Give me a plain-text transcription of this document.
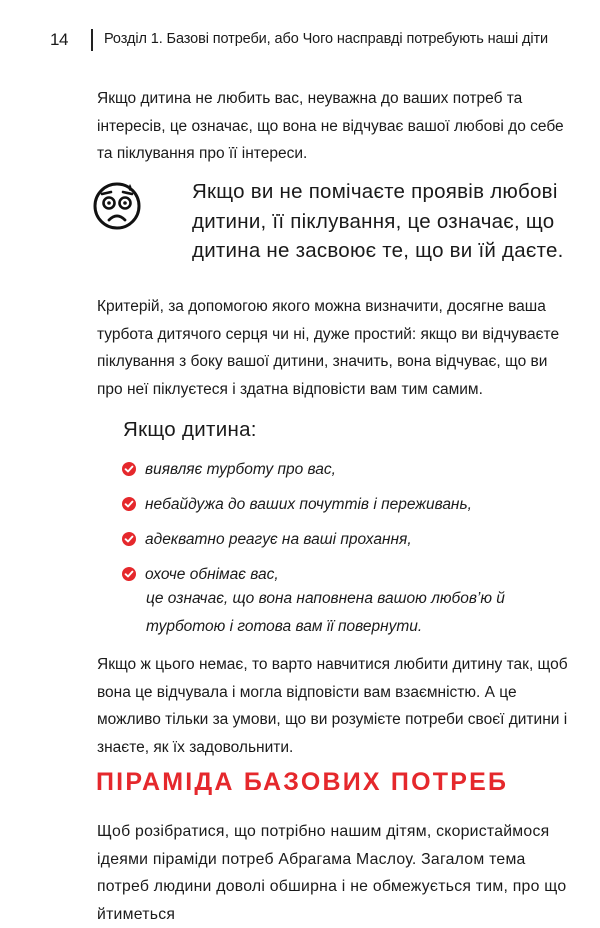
14 Розділ 1. Базові потреби, або Чого насправді потребують наші діти

Якщо дитина не любить вас, неуважна до ваших потреб та інтересів, це означає, що вона не відчуває вашої любові до себе та піклування про її інтереси.

Якщо ви не помічаєте проявів любові дитини, її піклування, це означає, що дитина не засвоює те, що ви їй даєте.

Критерій, за допомогою якого можна визначити, досягне ваша турбота дитячого серця чи ні, дуже простий: якщо ви відчуваєте піклування з боку вашої дитини, значить, вона відчуває, що ви про неї піклуєтеся і здатна відповісти вам тим самим.

Якщо дитина:
виявляє турботу про вас,
небайдужа до ваших почуттів і переживань,
адекватно реагує на ваші прохання,
охоче обнімає вас,

це означає, що вона наповнена вашою любов’ю й турботою і готова вам її повернути.

Якщо ж цього немає, то варто навчитися любити дитину так, щоб вона це відчувала і могла відповісти вам взаємністю. А це можливо тільки за умови, що ви розумієте потреби своєї дитини і знаєте, як їх задовольнити.

ПІРАМІДА БАЗОВИХ ПОТРЕБ

Щоб розібратися, що потрібно нашим дітям, скористаймося ідеями піраміди потреб Абрагама Маслоу. Загалом тема потреб людини доволі обширна і не обмежується тим, про що йтиметься
